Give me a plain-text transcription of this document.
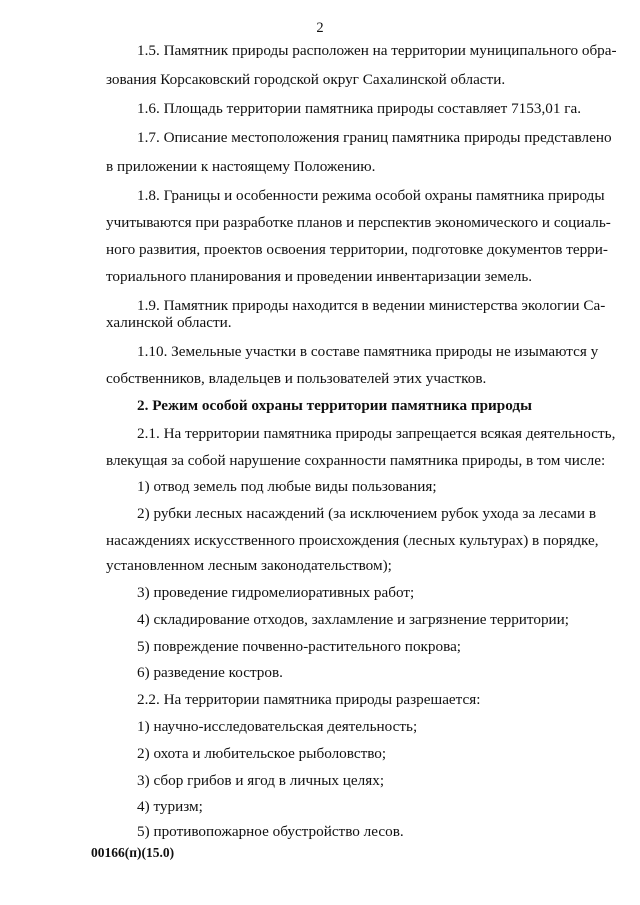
2
1.5. Памятник природы расположен на территории муниципального обра-
зования Корсаковский городской округ Сахалинской области.
1.6. Площадь территории памятника природы составляет 7153,01 га.
1.7. Описание местоположения границ памятника природы представлено
в приложении к настоящему Положению.
1.8. Границы и особенности режима особой охраны памятника природы
учитываются при разработке планов и перспектив экономического и социаль-
ного развития, проектов освоения территории, подготовке документов терри-
ториального планирования и проведении инвентаризации земель.
1.9. Памятник природы находится в ведении министерства экологии Са-
халинской области.
1.10. Земельные участки в составе памятника природы не изымаются у
собственников, владельцев и пользователей этих участков.
2. Режим особой охраны территории памятника природы
2.1. На территории памятника природы запрещается всякая деятельность,
влекущая за собой нарушение сохранности памятника природы, в том числе:
1) отвод земель под любые виды пользования;
2) рубки лесных насаждений (за исключением рубок ухода за лесами в
насаждениях искусственного происхождения (лесных культурах) в порядке,
установленном лесным законодательством);
3) проведение гидромелиоративных работ;
4) складирование отходов, захламление и загрязнение территории;
5) повреждение почвенно-растительного покрова;
6) разведение костров.
2.2. На территории памятника природы разрешается:
1) научно-исследовательская деятельность;
2) охота и любительское рыболовство;
3) сбор грибов и ягод в личных целях;
4) туризм;
5) противопожарное обустройство лесов.
00166(п)(15.0)
